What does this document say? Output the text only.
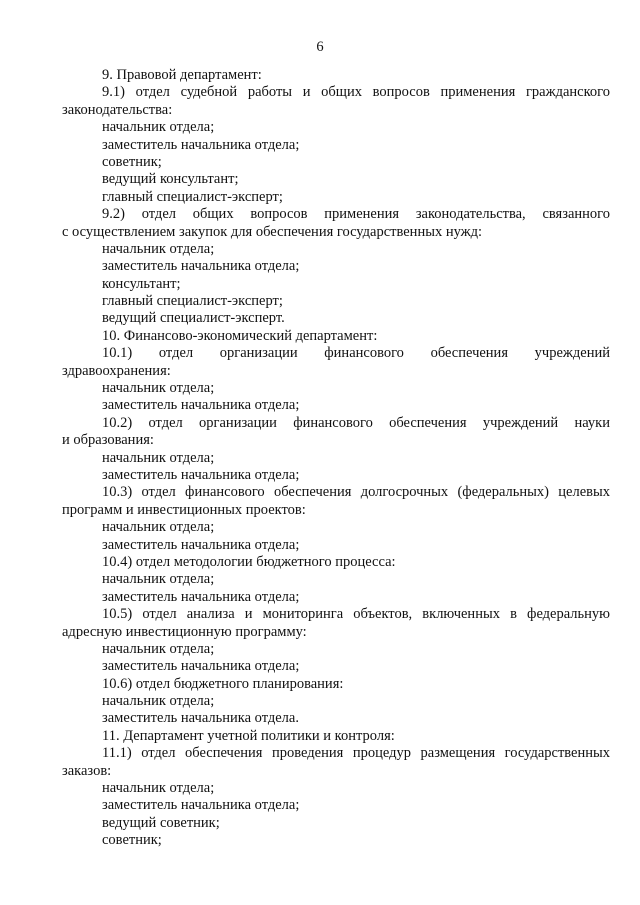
6
9. Правовой департамент:
9.1) отдел судебной работы и общих вопросов применения гражданского
законодательства:
начальник отдела;
заместитель начальника отдела;
советник;
ведущий консультант;
главный специалист-эксперт;
9.2) отдел общих вопросов применения законодательства, связанного
с осуществлением закупок для обеспечения государственных нужд:
начальник отдела;
заместитель начальника отдела;
консультант;
главный специалист-эксперт;
ведущий специалист-эксперт.
10. Финансово-экономический департамент:
10.1) отдел организации финансового обеспечения учреждений
здравоохранения:
начальник отдела;
заместитель начальника отдела;
10.2) отдел организации финансового обеспечения учреждений науки
и образования:
начальник отдела;
заместитель начальника отдела;
10.3) отдел финансового обеспечения долгосрочных (федеральных) целевых
программ и инвестиционных проектов:
начальник отдела;
заместитель начальника отдела;
10.4) отдел методологии бюджетного процесса:
начальник отдела;
заместитель начальника отдела;
10.5) отдел анализа и мониторинга объектов, включенных в федеральную
адресную инвестиционную программу:
начальник отдела;
заместитель начальника отдела;
10.6) отдел бюджетного планирования:
начальник отдела;
заместитель начальника отдела.
11. Департамент учетной политики и контроля:
11.1) отдел обеспечения проведения процедур размещения государственных
заказов:
начальник отдела;
заместитель начальника отдела;
ведущий советник;
советник;
